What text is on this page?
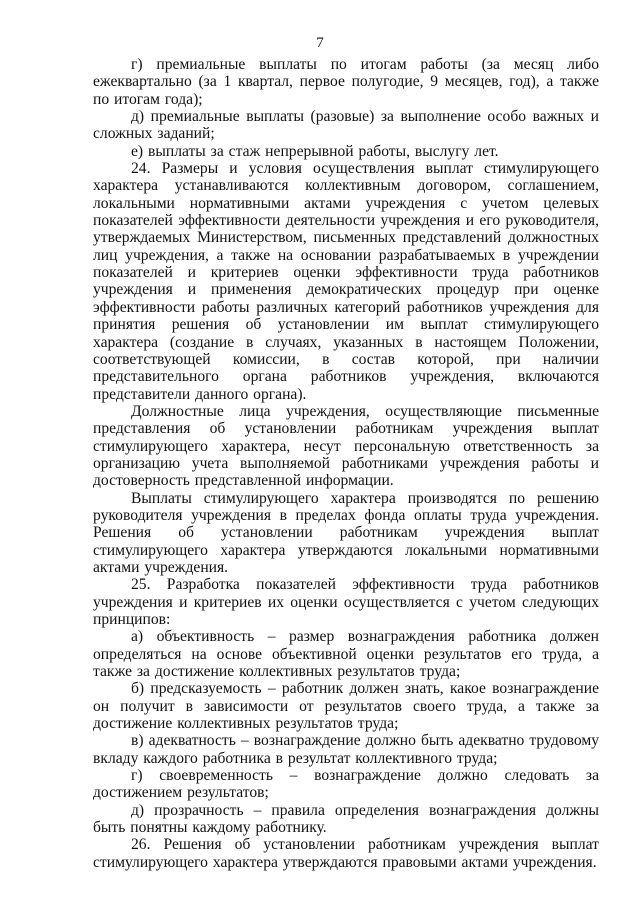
7

г) премиальные выплаты по итогам работы (за месяц либо ежеквартально (за 1 квартал, первое полугодие, 9 месяцев, год), а также по итогам года);

д) премиальные выплаты (разовые) за выполнение особо важных и сложных заданий;

е) выплаты за стаж непрерывной работы, выслугу лет.

24. Размеры и условия осуществления выплат стимулирующего характера устанавливаются коллективным договором, соглашением, локальными нормативными актами учреждения с учетом целевых показателей эффективности деятельности учреждения и его руководителя, утверждаемых Министерством, письменных представлений должностных лиц учреждения, а также на основании разрабатываемых в учреждении показателей и критериев оценки эффективности труда работников учреждения и применения демократических процедур при оценке эффективности работы различных категорий работников учреждения для принятия решения об установлении им выплат стимулирующего характера (создание в случаях, указанных в настоящем Положении, соответствующей комиссии, в состав которой, при наличии представительного органа работников учреждения, включаются представители данного органа).

Должностные лица учреждения, осуществляющие письменные представления об установлении работникам учреждения выплат стимулирующего характера, несут персональную ответственность за организацию учета выполняемой работниками учреждения работы и достоверность представленной информации.

Выплаты стимулирующего характера производятся по решению руководителя учреждения в пределах фонда оплаты труда учреждения. Решения об установлении работникам учреждения выплат стимулирующего характера утверждаются локальными нормативными актами учреждения.

25. Разработка показателей эффективности труда работников учреждения и критериев их оценки осуществляется с учетом следующих принципов:

а) объективность – размер вознаграждения работника должен определяться на основе объективной оценки результатов его труда, а также за достижение коллективных результатов труда;

б) предсказуемость – работник должен знать, какое вознаграждение он получит в зависимости от результатов своего труда, а также за достижение коллективных результатов труда;

в) адекватность – вознаграждение должно быть адекватно трудовому вкладу каждого работника в результат коллективного труда;

г) своевременность – вознаграждение должно следовать за достижением результатов;

д) прозрачность – правила определения вознаграждения должны быть понятны каждому работнику.

26. Решения об установлении работникам учреждения выплат стимулирующего характера утверждаются правовыми актами учреждения.
